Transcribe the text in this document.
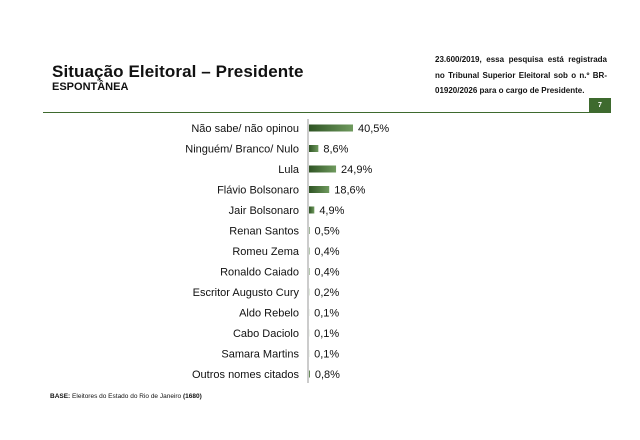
Situação Eleitoral – Presidente
ESPONTÂNEA
23.600/2019, essa pesquisa está registrada no Tribunal Superior Eleitoral sob o n.º BR-01920/2026 para o cargo de Presidente.
7
Não sabe/ não opinou	40,5%
Ninguém/ Branco/ Nulo 8,6%
Lula	24,9%
Flávio Bolsonaro	18,6%
Jair Bolsonaro 4,9%
Renan Santos 0,5%
Romeu Zema 0,4%
Ronaldo Caiado 0,4%
Escritor Augusto Cury 0,2%
Aldo Rebelo 0,1%
Cabo Daciolo 0,1%
Samara Martins 0,1%
Outros nomes citados 0,8%
BASE: Eleitores do Estado do Rio de Janeiro (1680)
